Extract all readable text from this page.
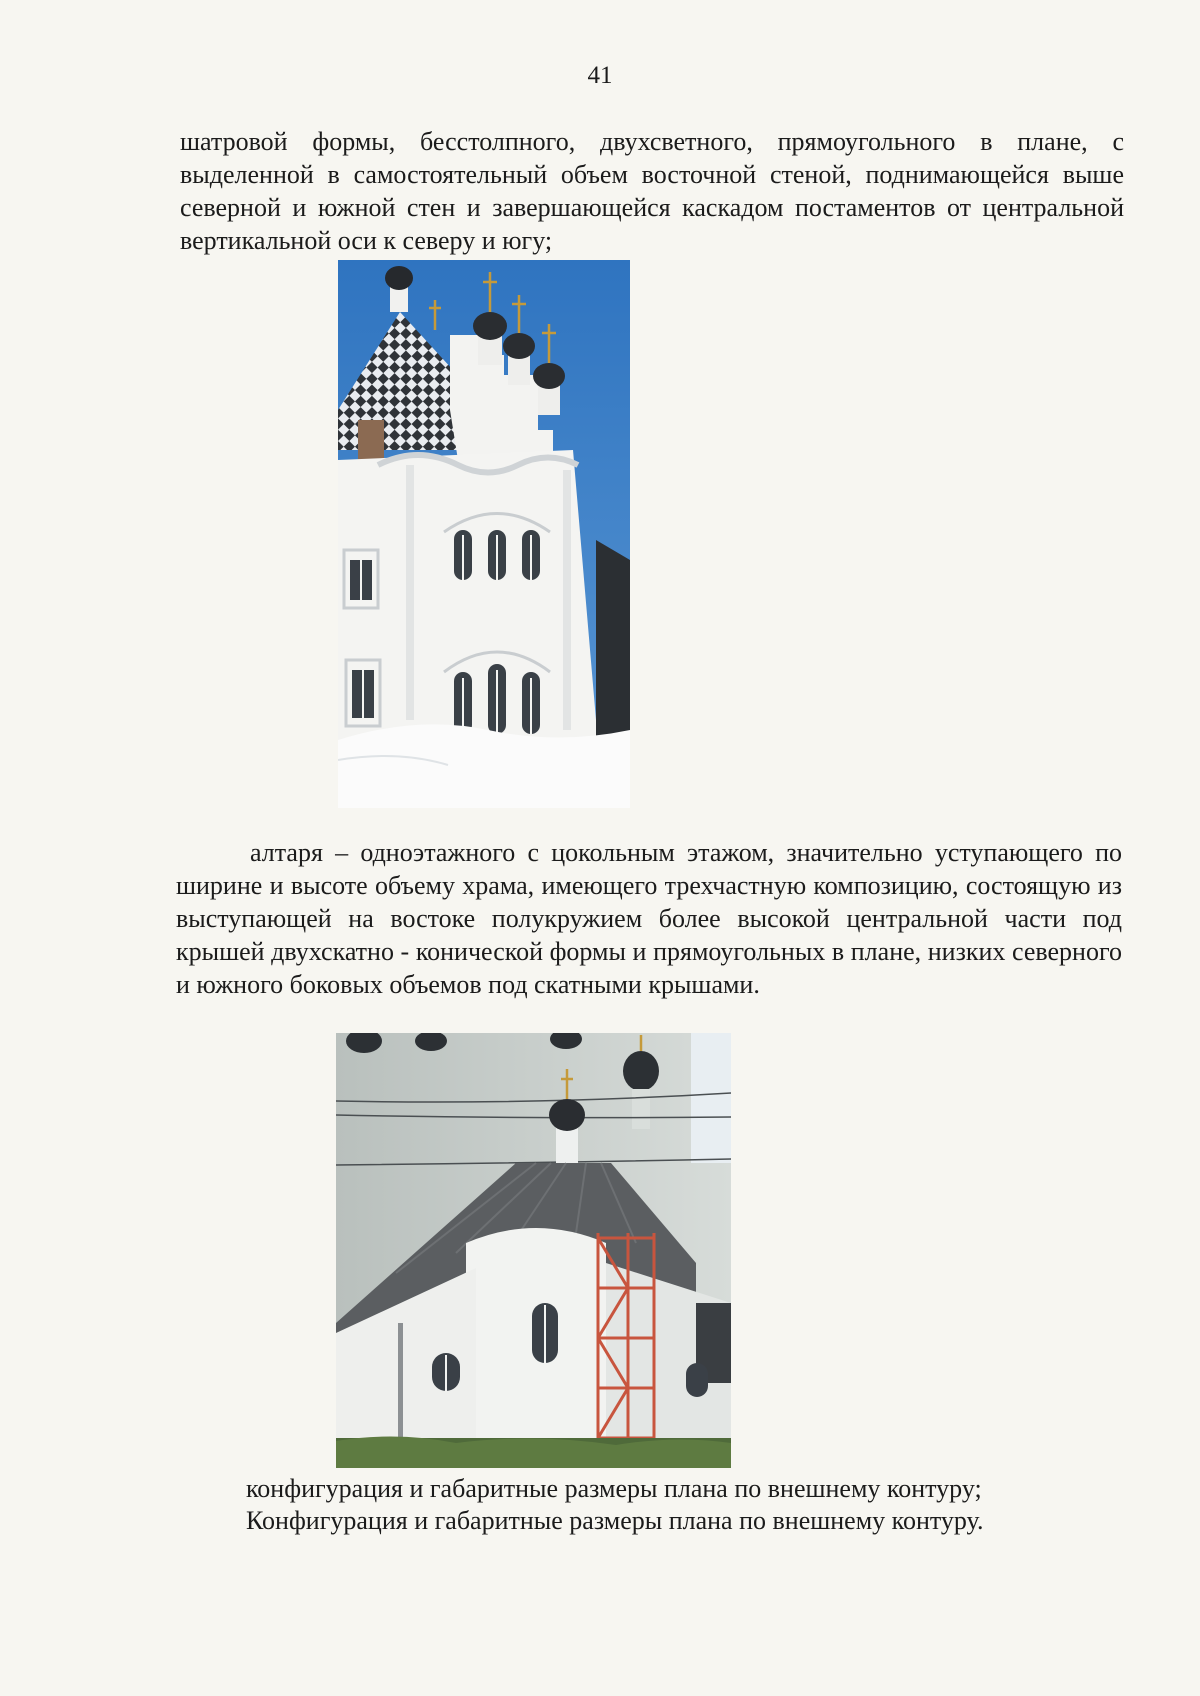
41

шатровой формы, бесстолпного, двухсветного, прямоугольного в плане, с выделенной в самостоятельный объем восточной стеной, поднимающейся выше северной и южной стен и завершающейся каскадом постаментов от центральной вертикальной оси к северу и югу;

алтаря – одноэтажного с цокольным этажом, значительно уступающего по ширине и высоте объему храма, имеющего трехчастную композицию, состоящую из выступающей на востоке полукружием более высокой центральной части под крышей двухскатно - конической формы и прямоугольных в плане, низких северного и южного боковых объемов под скатными крышами.

конфигурация и габаритные размеры плана по внешнему контуру;
Конфигурация и габаритные размеры плана по внешнему контуру.
